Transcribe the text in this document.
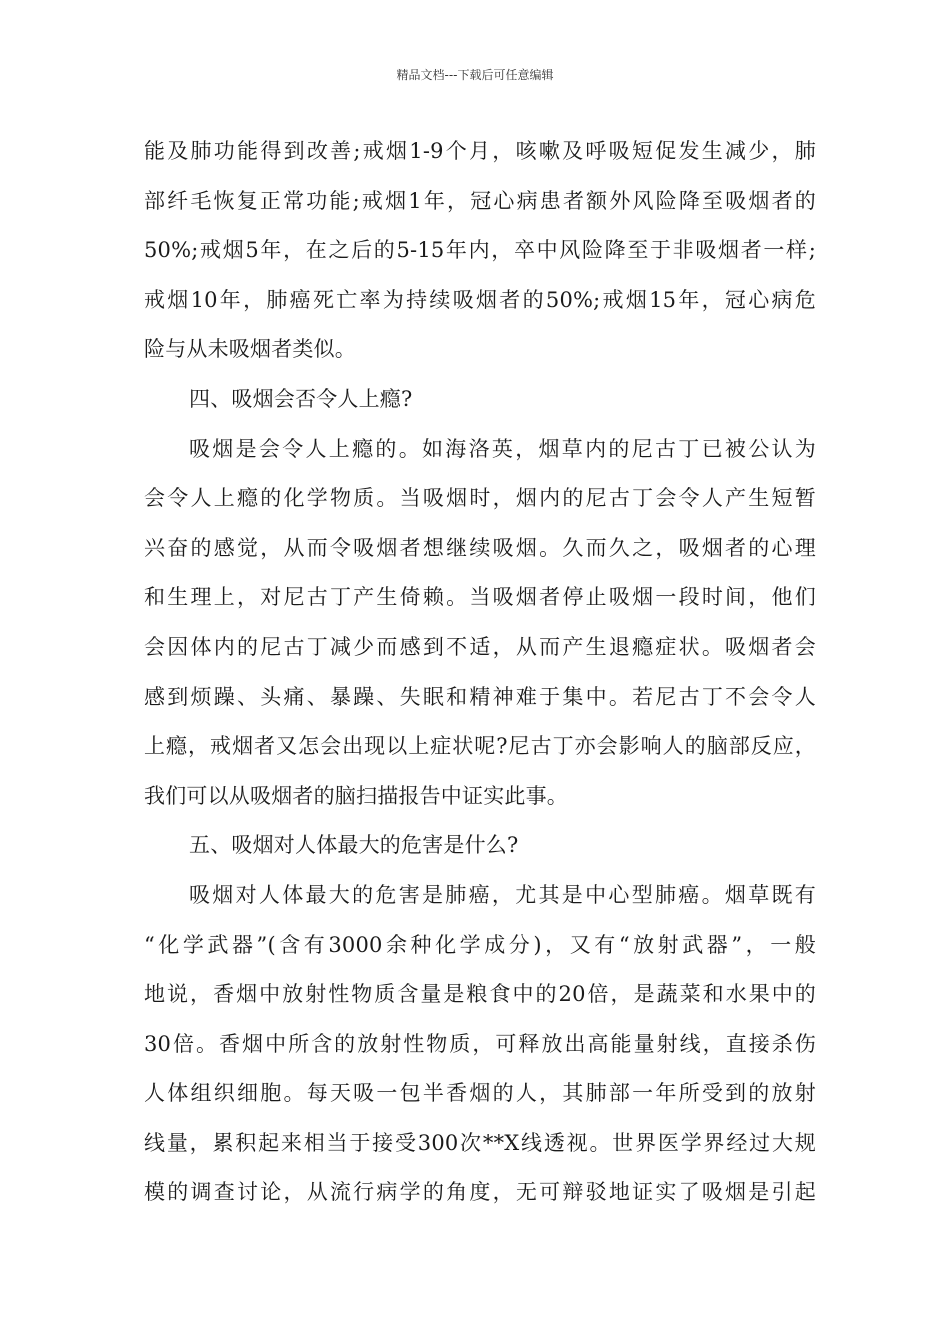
精品文档---下载后可任意编辑
能及肺功能得到改善;戒烟1-9个月，咳嗽及呼吸短促发生减少，肺
部纤毛恢复正常功能;戒烟1年，冠心病患者额外风险降至吸烟者的
50%;戒烟5年，在之后的5-15年内，卒中风险降至于非吸烟者一样;
戒烟10年，肺癌死亡率为持续吸烟者的50%;戒烟15年，冠心病危
险与从未吸烟者类似。
四、吸烟会否令人上瘾?
吸烟是会令人上瘾的。如海洛英，烟草内的尼古丁已被公认为
会令人上瘾的化学物质。当吸烟时，烟内的尼古丁会令人产生短暂
兴奋的感觉，从而令吸烟者想继续吸烟。久而久之，吸烟者的心理
和生理上，对尼古丁产生倚赖。当吸烟者停止吸烟一段时间，他们
会因体内的尼古丁减少而感到不适，从而产生退瘾症状。吸烟者会
感到烦躁、头痛、暴躁、失眠和精神难于集中。若尼古丁不会令人
上瘾，戒烟者又怎会出现以上症状呢?尼古丁亦会影响人的脑部反应，
我们可以从吸烟者的脑扫描报告中证实此事。
五、吸烟对人体最大的危害是什么?
吸烟对人体最大的危害是肺癌，尤其是中心型肺癌。烟草既有
“化学武器”(含有3000余种化学成分)，又有“放射武器”，一般
地说，香烟中放射性物质含量是粮食中的20倍，是蔬菜和水果中的
30倍。香烟中所含的放射性物质，可释放出高能量射线，直接杀伤
人体组织细胞。每天吸一包半香烟的人，其肺部一年所受到的放射
线量，累积起来相当于接受300次**X线透视。世界医学界经过大规
模的调查讨论，从流行病学的角度，无可辩驳地证实了吸烟是引起
